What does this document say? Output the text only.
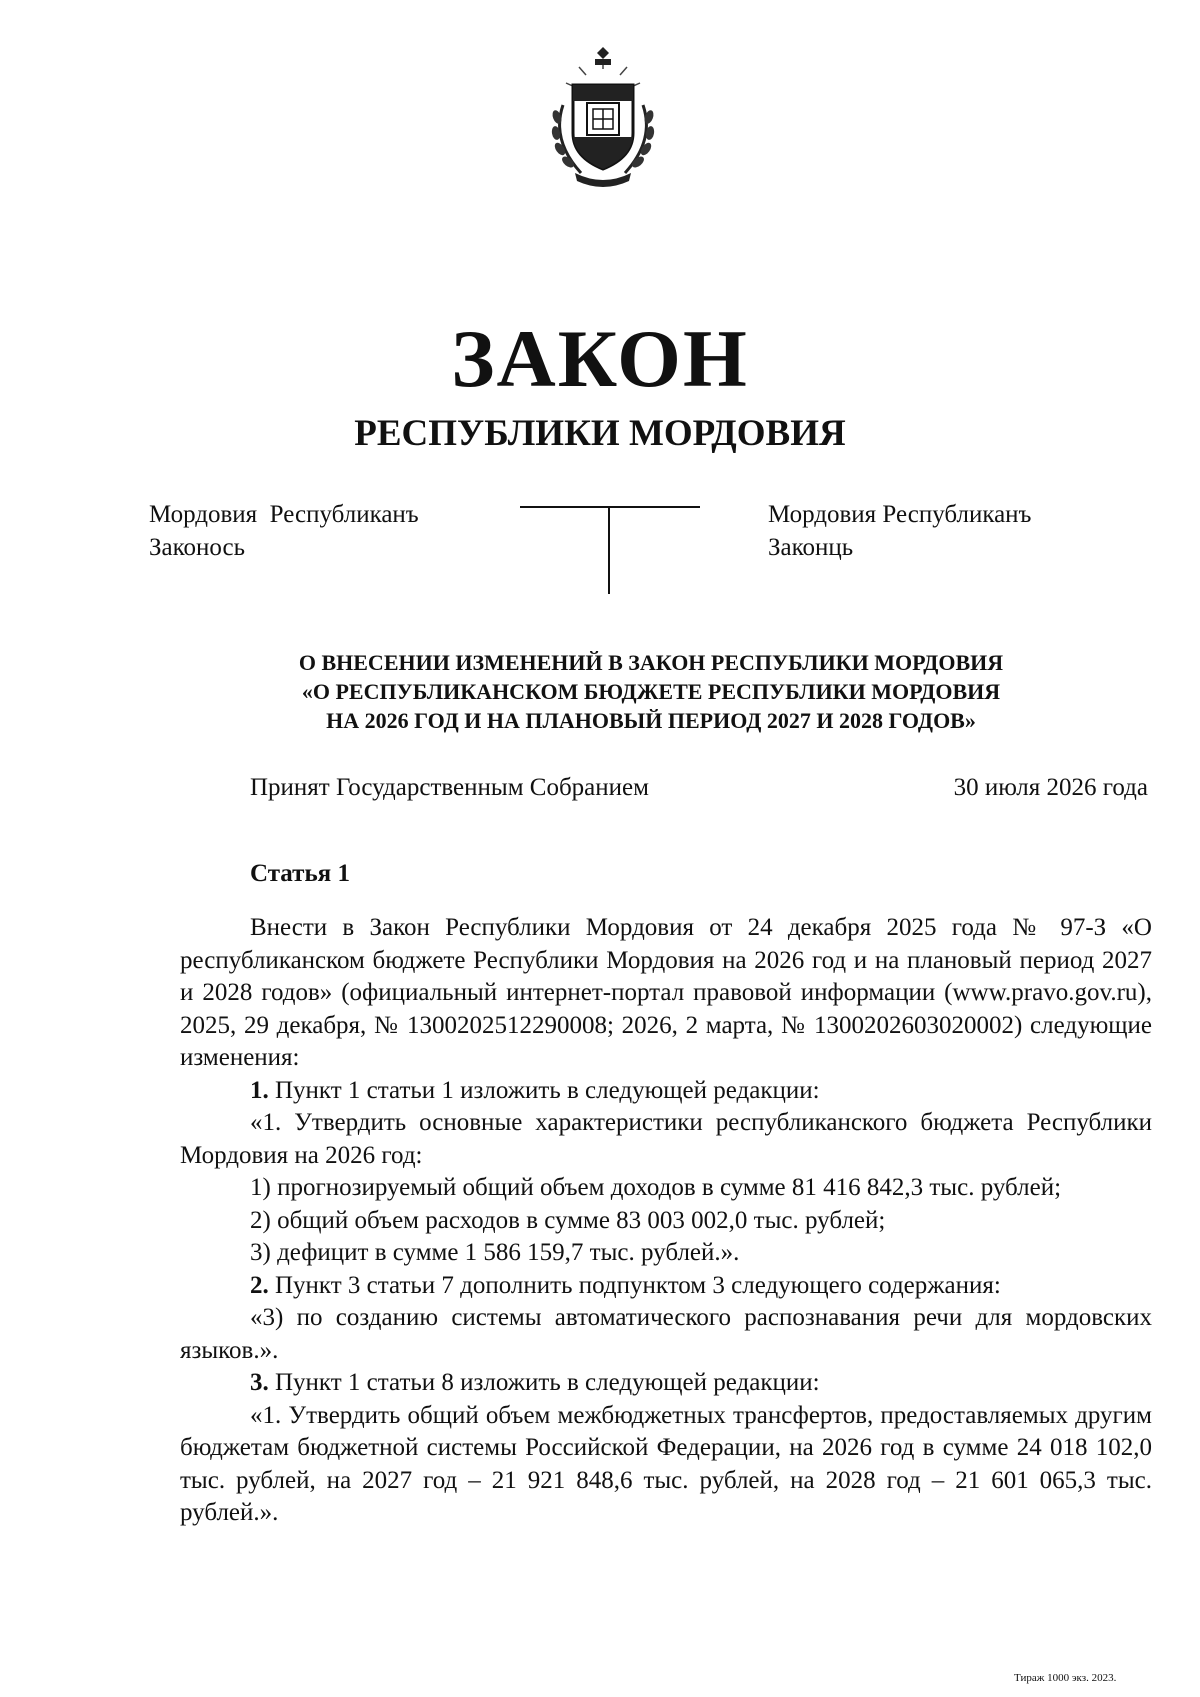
ЗАКОН
РЕСПУБЛИКИ МОРДОВИЯ
Мордовия  Республиканъ
Законось
Мордовия Республиканъ
Законць
О ВНЕСЕНИИ ИЗМЕНЕНИЙ В ЗАКОН РЕСПУБЛИКИ МОРДОВИЯ
«О РЕСПУБЛИКАНСКОМ БЮДЖЕТЕ РЕСПУБЛИКИ МОРДОВИЯ
НА 2026 ГОД И НА ПЛАНОВЫЙ ПЕРИОД 2027 И 2028 ГОДОВ»
Принят Государственным Собранием	30 июля 2026 года
Статья 1

Внести в Закон Республики Мордовия от 24 декабря 2025 года № 97-З «О республиканском бюджете Республики Мордовия на 2026 год и на плановый период 2027 и 2028 годов» (официальный интернет-портал правовой информации (www.pravo.gov.ru), 2025, 29 декабря, № 1300202512290008; 2026, 2 марта, № 1300202603020002) следующие изменения:

1. Пункт 1 статьи 1 изложить в следующей редакции:

«1. Утвердить основные характеристики республиканского бюджета Республики Мордовия на 2026 год:

1) прогнозируемый общий объем доходов в сумме 81 416 842,3 тыс. рублей;

2) общий объем расходов в сумме 83 003 002,0 тыс. рублей;

3) дефицит в сумме 1 586 159,7 тыс. рублей.».

2. Пункт 3 статьи 7 дополнить подпунктом 3 следующего содержания:

«3) по созданию системы автоматического распознавания речи для мордовских языков.».

3. Пункт 1 статьи 8 изложить в следующей редакции:

«1. Утвердить общий объем межбюджетных трансфертов, предоставляемых другим бюджетам бюджетной системы Российской Федерации, на 2026 год в сумме 24 018 102,0 тыс. рублей, на 2027 год – 21 921 848,6 тыс. рублей, на 2028 год – 21 601 065,3 тыс. рублей.».

Тираж 1000 экз. 2023.
